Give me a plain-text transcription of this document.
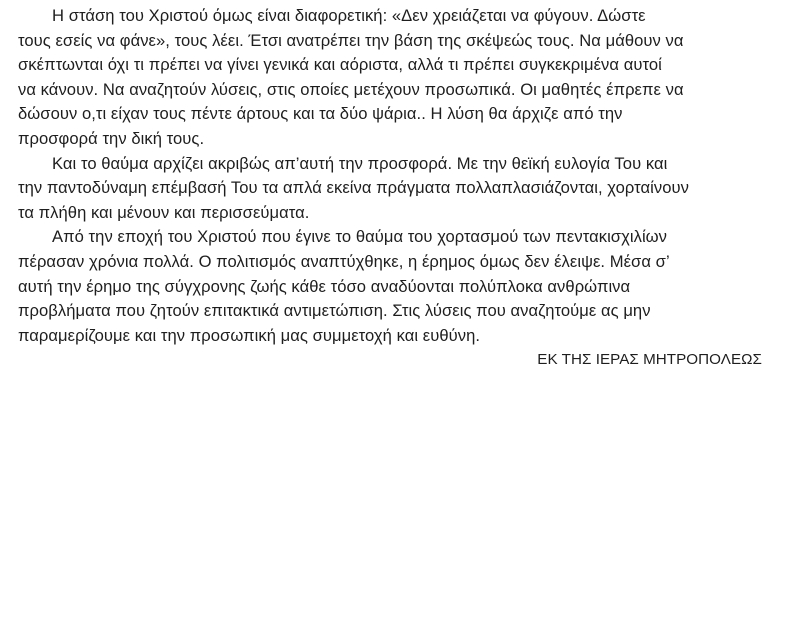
Η στάση του Χριστού όμως είναι διαφορετική: «Δεν χρειάζεται να φύγουν. Δώστε
τους εσείς να φάνε», τους λέει. Έτσι ανατρέπει την βάση της σκέψεώς τους. Να μάθουν να
σκέπτωνται όχι τι πρέπει να γίνει γενικά και αόριστα, αλλά τι πρέπει συγκεκριμένα αυτοί
να κάνουν. Να αναζητούν λύσεις, στις οποίες μετέχουν προσωπικά. Οι μαθητές έπρεπε να
δώσουν ο,τι είχαν τους πέντε άρτους και τα δύο ψάρια.. Η λύση θα άρχιζε από την
προσφορά την δική τους.
Και το θαύμα αρχίζει ακριβώς απ’αυτή την προσφορά. Με την θεϊκή ευλογία Του και
την παντοδύναμη επέμβασή Του τα απλά εκείνα πράγματα πολλαπλασιάζονται, χορταίνουν
τα πλήθη και μένουν και περισσεύματα.
Από την εποχή του Χριστού που έγινε το θαύμα του χορτασμού των πεντακισχιλίων
πέρασαν χρόνια πολλά. Ο πολιτισμός αναπτύχθηκε, η έρημος όμως δεν έλειψε. Μέσα σ’
αυτή την έρημο της σύγχρονης ζωής κάθε τόσο αναδύονται πολύπλοκα ανθρώπινα
προβλήματα που ζητούν επιτακτικά αντιμετώπιση. Στις λύσεις που αναζητούμε ας μην
παραμερίζουμε και την προσωπική μας συμμετοχή και ευθύνη.
ΕΚ ΤΗΣ ΙΕΡΑΣ ΜΗΤΡΟΠΟΛΕΩΣ
